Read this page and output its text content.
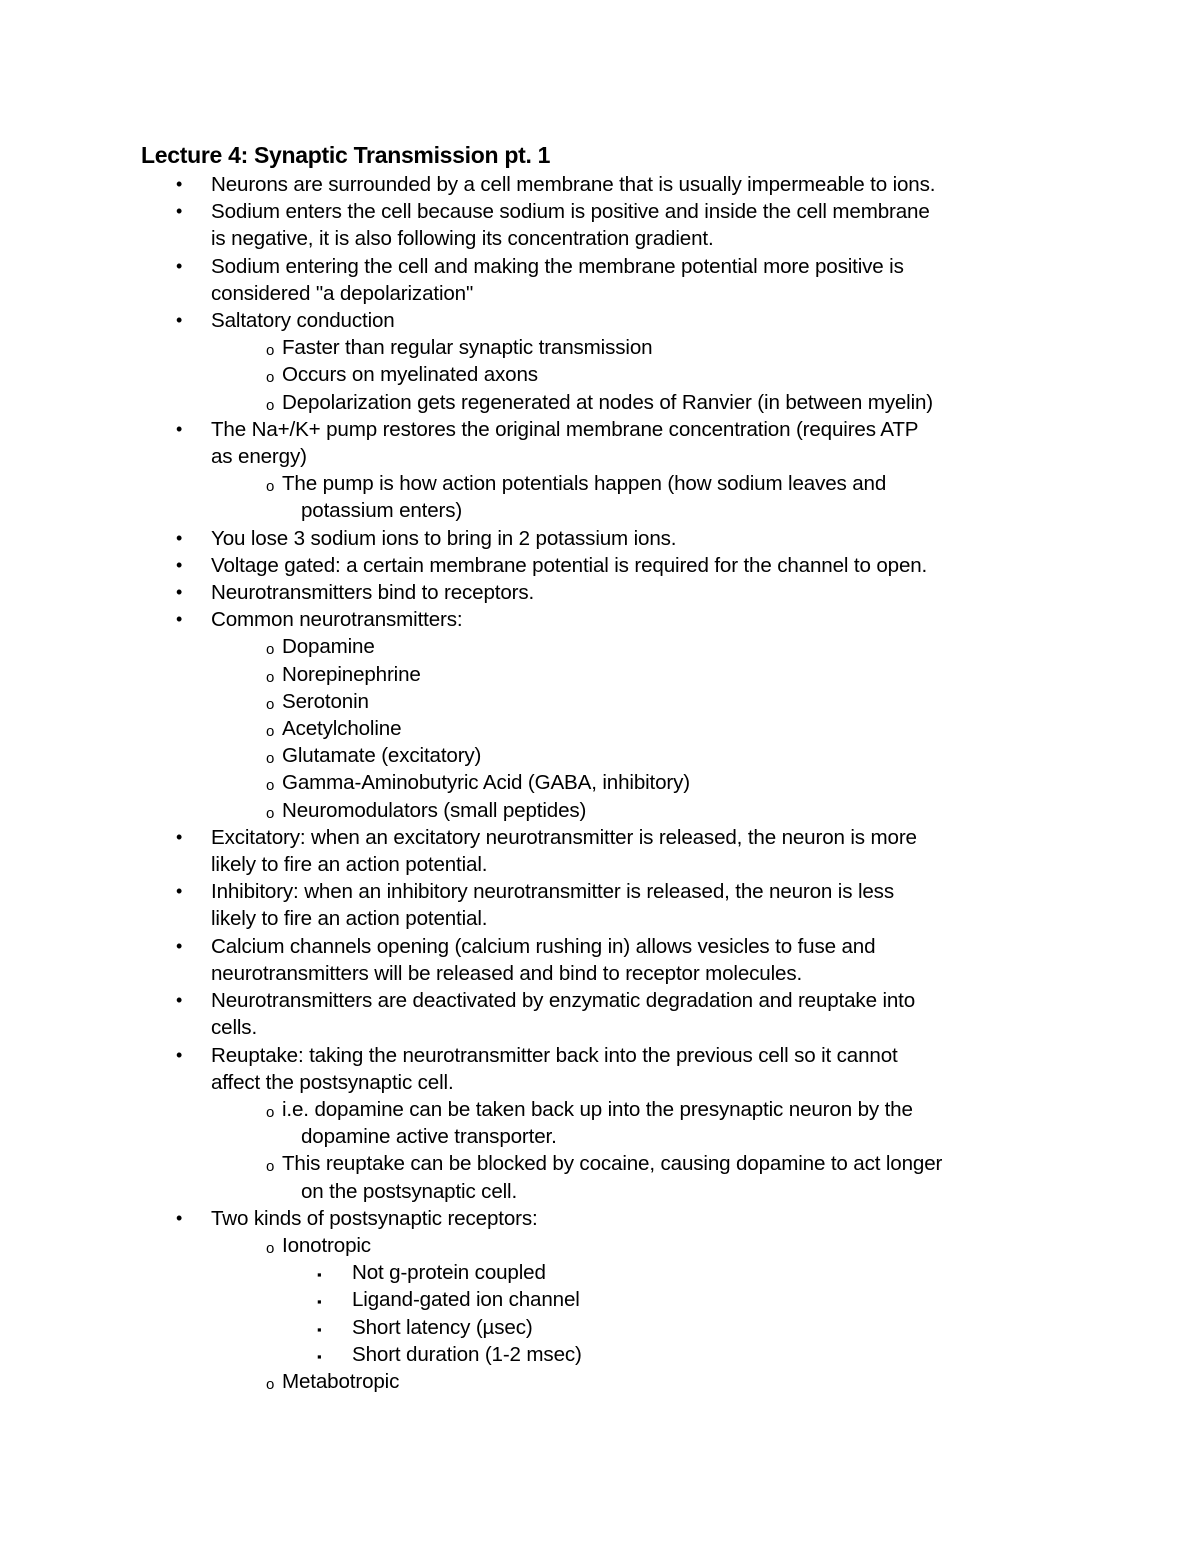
Lecture 4: Synaptic Transmission pt. 1
• Neurons are surrounded by a cell membrane that is usually impermeable to ions.
• Sodium enters the cell because sodium is positive and inside the cell membrane
is negative, it is also following its concentration gradient.
• Sodium entering the cell and making the membrane potential more positive is
considered "a depolarization"
• Saltatory conduction
o Faster than regular synaptic transmission
o Occurs on myelinated axons
o Depolarization gets regenerated at nodes of Ranvier (in between myelin)
• The Na+/K+ pump restores the original membrane concentration (requires ATP
as energy)
o The pump is how action potentials happen (how sodium leaves and
potassium enters)
• You lose 3 sodium ions to bring in 2 potassium ions.
• Voltage gated: a certain membrane potential is required for the channel to open.
• Neurotransmitters bind to receptors.
• Common neurotransmitters:
o Dopamine
o Norepinephrine
o Serotonin
o Acetylcholine
o Glutamate (excitatory)
o Gamma-Aminobutyric Acid (GABA, inhibitory)
o Neuromodulators (small peptides)
• Excitatory: when an excitatory neurotransmitter is released, the neuron is more
likely to fire an action potential.
• Inhibitory: when an inhibitory neurotransmitter is released, the neuron is less
likely to fire an action potential.
• Calcium channels opening (calcium rushing in) allows vesicles to fuse and
neurotransmitters will be released and bind to receptor molecules.
• Neurotransmitters are deactivated by enzymatic degradation and reuptake into
cells.
• Reuptake: taking the neurotransmitter back into the previous cell so it cannot
affect the postsynaptic cell.
o i.e. dopamine can be taken back up into the presynaptic neuron by the
dopamine active transporter.
o This reuptake can be blocked by cocaine, causing dopamine to act longer
on the postsynaptic cell.
• Two kinds of postsynaptic receptors:
o Ionotropic
▪ Not g-protein coupled
▪ Ligand-gated ion channel
▪ Short latency (µsec)
▪ Short duration (1-2 msec)
o Metabotropic
